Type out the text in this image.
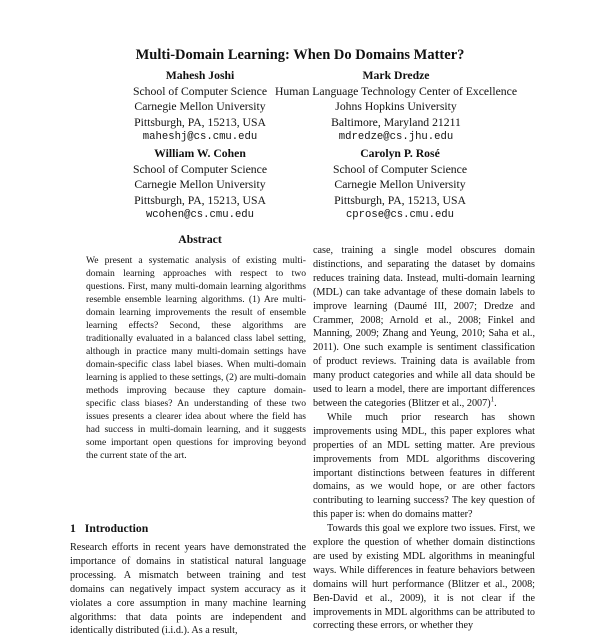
Multi-Domain Learning: When Do Domains Matter?
Mahesh Joshi
School of Computer Science
Carnegie Mellon University
Pittsburgh, PA, 15213, USA
maheshj@cs.cmu.edu
Mark Dredze
Human Language Technology Center of Excellence
Johns Hopkins University
Baltimore, Maryland 21211
mdredze@cs.jhu.edu
William W. Cohen
School of Computer Science
Carnegie Mellon University
Pittsburgh, PA, 15213, USA
wcohen@cs.cmu.edu
Carolyn P. Rosé
School of Computer Science
Carnegie Mellon University
Pittsburgh, PA, 15213, USA
cprose@cs.cmu.edu
Abstract
We present a systematic analysis of existing multi-domain learning approaches with respect to two questions. First, many multi-domain learning algorithms resemble ensemble learning algorithms. (1) Are multi-domain learning improvements the result of ensemble learning effects? Second, these algorithms are traditionally evaluated in a balanced class label setting, although in practice many multi-domain settings have domain-specific class label biases. When multi-domain learning is applied to these settings, (2) are multi-domain methods improving because they capture domain-specific class biases? An understanding of these two issues presents a clearer idea about where the field has had success in multi-domain learning, and it suggests some important open questions for improving beyond the current state of the art.
1 Introduction
Research efforts in recent years have demonstrated the importance of domains in statistical natural language processing. A mismatch between training and test domains can negatively impact system accuracy as it violates a core assumption in many machine learning algorithms: that data points are independent and identically distributed (i.i.d.). As a result,

case, training a single model obscures domain distinctions, and separating the dataset by domains reduces training data. Instead, multi-domain learning (MDL) can take advantage of these domain labels to improve learning (Daumé III, 2007; Dredze and Crammer, 2008; Arnold et al., 2008; Finkel and Manning, 2009; Zhang and Yeung, 2010; Saha et al., 2011). One such example is sentiment classification of product reviews. Training data is available from many product categories and while all data should be used to learn a model, there are important differences between the categories (Blitzer et al., 2007)$^1$.

While much prior research has shown improvements using MDL, this paper explores what properties of an MDL setting matter. Are previous improvements from MDL algorithms discovering important distinctions between features in different domains, as we would hope, or are other factors contributing to learning success? The key question of this paper is: when do domains matter?

Towards this goal we explore two issues. First, we explore the question of whether domain distinctions are used by existing MDL algorithms in meaningful ways. While differences in feature behaviors between domains will hurt performance (Blitzer et al., 2008; Ben-David et al., 2009), it is not clear if the improvements in MDL algorithms can be attributed to correcting these errors, or whether they
